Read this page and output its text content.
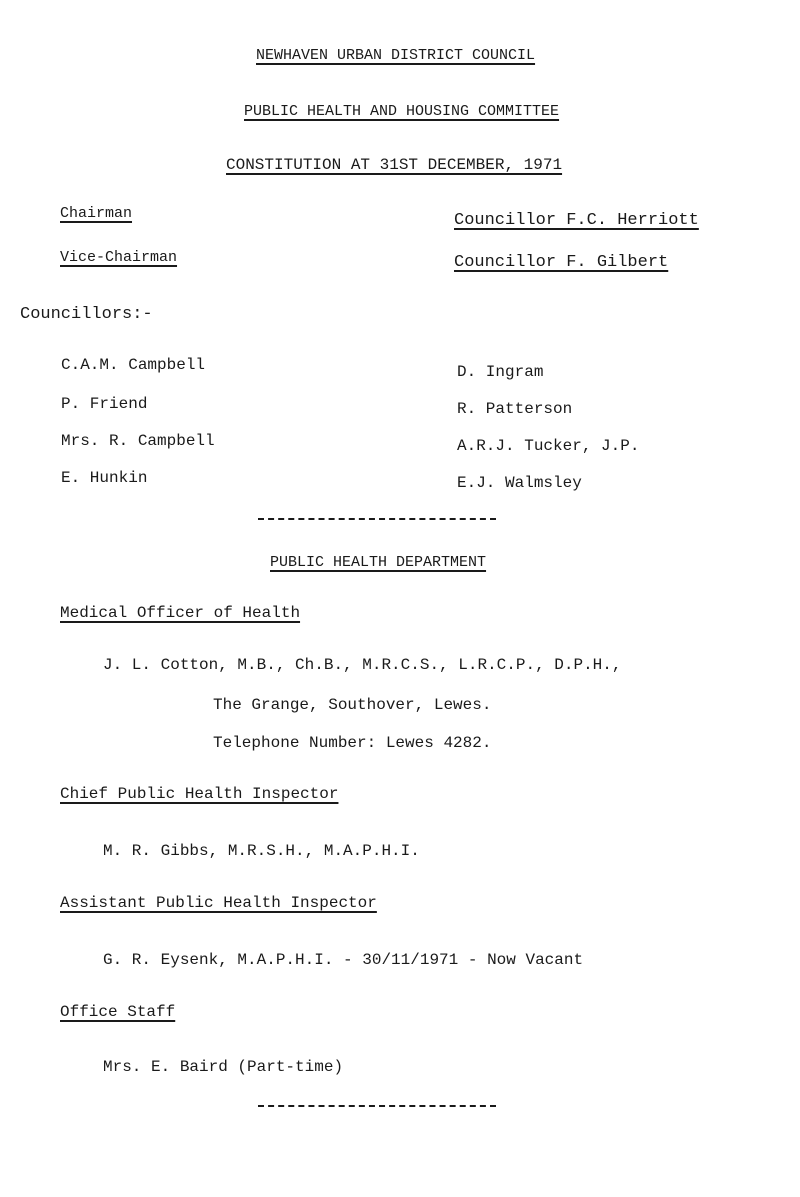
NEWHAVEN URBAN DISTRICT COUNCIL
PUBLIC HEALTH AND HOUSING COMMITTEE
CONSTITUTION AT 31ST DECEMBER, 1971
Chairman	Councillor F.C. Herriott
Vice-Chairman	Councillor F. Gilbert
Councillors:-
C.A.M. Campbell
P. Friend
Mrs. R. Campbell
E. Hunkin
D. Ingram
R. Patterson
A.R.J. Tucker, J.P.
E.J. Walmsley
PUBLIC HEALTH DEPARTMENT
Medical Officer of Health
J. L. Cotton, M.B., Ch.B., M.R.C.S., L.R.C.P., D.P.H.,
The Grange, Southover, Lewes.
Telephone Number: Lewes 4282.
Chief Public Health Inspector
M. R. Gibbs, M.R.S.H., M.A.P.H.I.
Assistant Public Health Inspector
G. R. Eysenk, M.A.P.H.I. - 30/11/1971 - Now Vacant
Office Staff
Mrs. E. Baird (Part-time)
